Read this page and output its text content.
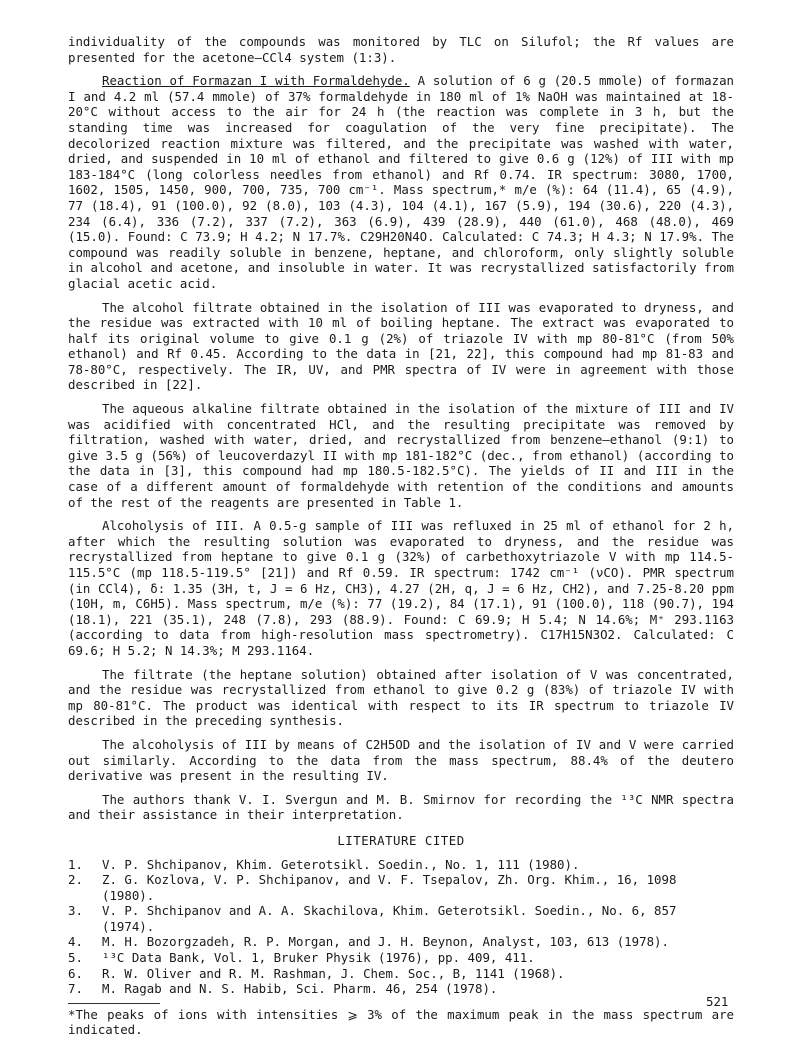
individuality of the compounds was monitored by TLC on Silufol; the Rf values are presented for the acetone—CCl4 system (1:3).

Reaction of Formazan I with Formaldehyde. A solution of 6 g (20.5 mmole) of formazan I and 4.2 ml (57.4 mmole) of 37% formaldehyde in 180 ml of 1% NaOH was maintained at 18-20°C without access to the air for 24 h (the reaction was complete in 3 h, but the standing time was increased for coagulation of the very fine precipitate). The decolorized reaction mixture was filtered, and the precipitate was washed with water, dried, and suspended in 10 ml of ethanol and filtered to give 0.6 g (12%) of III with mp 183-184°C (long colorless needles from ethanol) and Rf 0.74. IR spectrum: 3080, 1700, 1602, 1505, 1450, 900, 700, 735, 700 cm⁻¹. Mass spectrum,* m/e (%): 64 (11.4), 65 (4.9), 77 (18.4), 91 (100.0), 92 (8.0), 103 (4.3), 104 (4.1), 167 (5.9), 194 (30.6), 220 (4.3), 234 (6.4), 336 (7.2), 337 (7.2), 363 (6.9), 439 (28.9), 440 (61.0), 468 (48.0), 469 (15.0). Found: C 73.9; H 4.2; N 17.7%. C29H20N4O. Calculated: C 74.3; H 4.3; N 17.9%. The compound was readily soluble in benzene, heptane, and chloroform, only slightly soluble in alcohol and acetone, and insoluble in water. It was recrystallized satisfactorily from glacial acetic acid.

The alcohol filtrate obtained in the isolation of III was evaporated to dryness, and the residue was extracted with 10 ml of boiling heptane. The extract was evaporated to half its original volume to give 0.1 g (2%) of triazole IV with mp 80-81°C (from 50% ethanol) and Rf 0.45. According to the data in [21, 22], this compound had mp 81-83 and 78-80°C, respectively. The IR, UV, and PMR spectra of IV were in agreement with those described in [22].

The aqueous alkaline filtrate obtained in the isolation of the mixture of III and IV was acidified with concentrated HCl, and the resulting precipitate was removed by filtration, washed with water, dried, and recrystallized from benzene—ethanol (9:1) to give 3.5 g (56%) of leucoverdazyl II with mp 181-182°C (dec., from ethanol) (according to the data in [3], this compound had mp 180.5-182.5°C). The yields of II and III in the case of a different amount of formaldehyde with retention of the conditions and amounts of the rest of the reagents are presented in Table 1.

Alcoholysis of III. A 0.5-g sample of III was refluxed in 25 ml of ethanol for 2 h, after which the resulting solution was evaporated to dryness, and the residue was recrystallized from heptane to give 0.1 g (32%) of carbethoxytriazole V with mp 114.5-115.5°C (mp 118.5-119.5° [21]) and Rf 0.59. IR spectrum: 1742 cm⁻¹ (νCO). PMR spectrum (in CCl4), δ: 1.35 (3H, t, J = 6 Hz, CH3), 4.27 (2H, q, J = 6 Hz, CH2), and 7.25-8.20 ppm (10H, m, C6H5). Mass spectrum, m/e (%): 77 (19.2), 84 (17.1), 91 (100.0), 118 (90.7), 194 (18.1), 221 (35.1), 248 (7.8), 293 (88.9). Found: C 69.9; H 5.4; N 14.6%; M⁺ 293.1163 (according to data from high-resolution mass spectrometry). C17H15N3O2. Calculated: C 69.6; H 5.2; N 14.3%; M 293.1164.

The filtrate (the heptane solution) obtained after isolation of V was concentrated, and the residue was recrystallized from ethanol to give 0.2 g (83%) of triazole IV with mp 80-81°C. The product was identical with respect to its IR spectrum to triazole IV described in the preceding synthesis.

The alcoholysis of III by means of C2H5OD and the isolation of IV and V were carried out similarly. According to the data from the mass spectrum, 88.4% of the deutero derivative was present in the resulting IV.

The authors thank V. I. Svergun and M. B. Smirnov for recording the ¹³C NMR spectra and their assistance in their interpretation.

LITERATURE CITED
1.	V. P. Shchipanov, Khim. Geterotsikl. Soedin., No. 1, 111 (1980).
2.	Z. G. Kozlova, V. P. Shchipanov, and V. F. Tsepalov, Zh. Org. Khim., 16, 1098 (1980).
3.	V. P. Shchipanov and A. A. Skachilova, Khim. Geterotsikl. Soedin., No. 6, 857 (1974).
4.	M. H. Bozorgzadeh, R. P. Morgan, and J. H. Beynon, Analyst, 103, 613 (1978).
5.	¹³C Data Bank, Vol. 1, Bruker Physik (1976), pp. 409, 411.
6.	R. W. Oliver and R. M. Rashman, J. Chem. Soc., B, 1141 (1968).
7.	M. Ragab and N. S. Habib, Sci. Pharm. 46, 254 (1978).

*The peaks of ions with intensities ⩾ 3% of the maximum peak in the mass spectrum are indicated.

521
